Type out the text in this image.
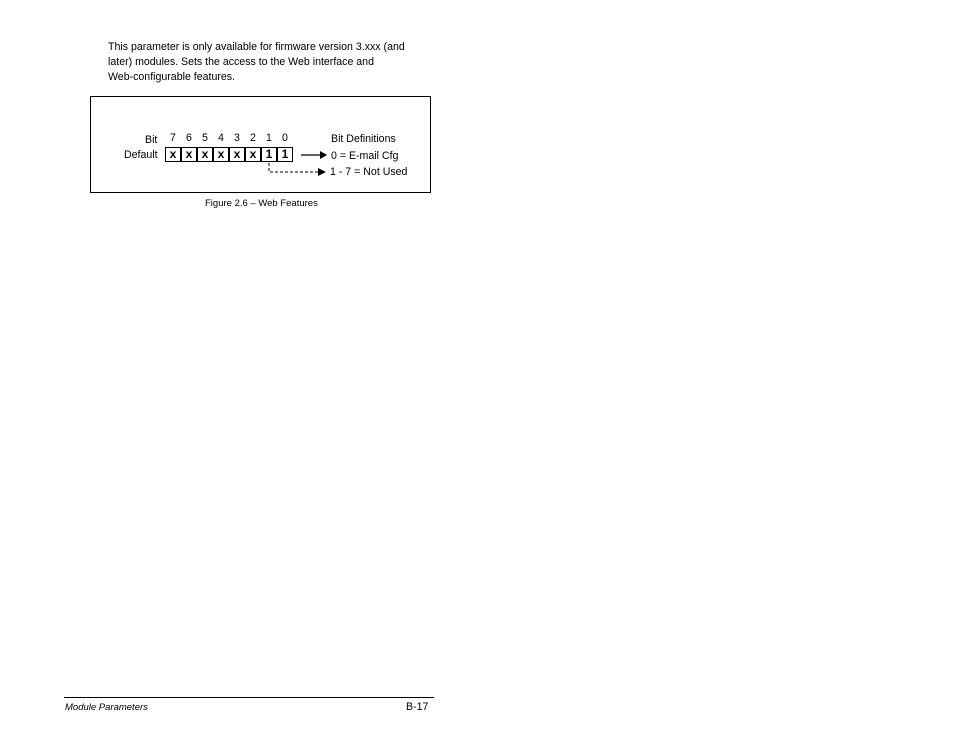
This parameter is only available for firmware version 3.xxx (and
later) modules. Sets the access to the Web interface and
Web-configurable features.

Bit
Default
7 6 5 4 3 2 1 0
x x x x x x 1 1
Bit Definitions
0 = E-mail Cfg
1 - 7 = Not Used
Figure 2.6 – Web Features
Module Parameters	B-17
